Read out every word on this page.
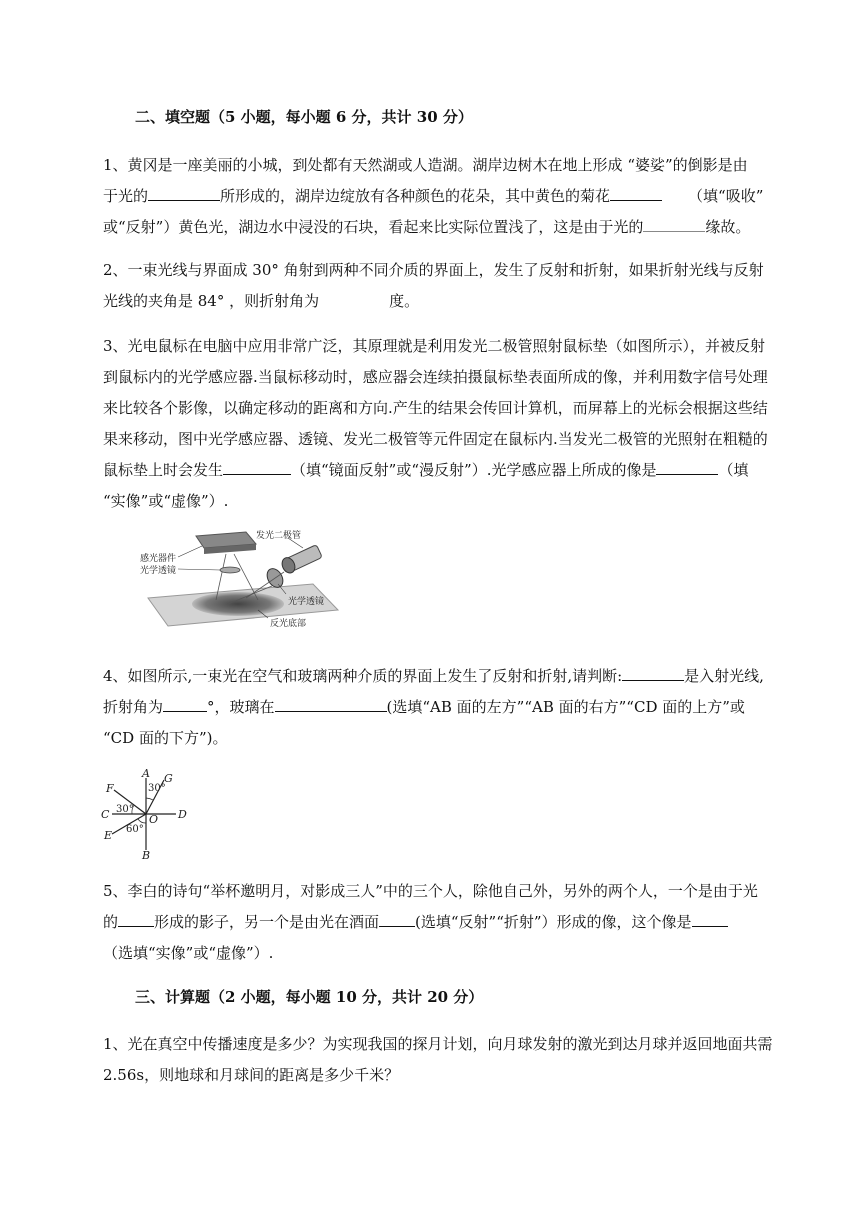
二、填空题（5 小题，每小题 6 分，共计 30 分）
1、黄冈是一座美丽的小城，到处都有天然湖或人造湖。湖岸边树木在地上形成 “婆娑”的倒影是由
于光的	所形成的，湖岸边绽放有各种颜色的花朵，其中黄色的菊花	（填“吸收”
或“反射”）黄色光，湖边水中浸没的石块，看起来比实际位置浅了，这是由于光的	缘故。
2、一束光线与界面成 30° 角射到两种不同介质的界面上，发生了反射和折射，如果折射光线与反射
光线的夹角是 84° ，则折射角为	度。
3、光电鼠标在电脑中应用非常广泛，其原理就是利用发光二极管照射鼠标垫（如图所示），并被反射
到鼠标内的光学感应器.当鼠标移动时，感应器会连续拍摄鼠标垫表面所成的像，并利用数字信号处理
来比较各个影像，以确定移动的距离和方向.产生的结果会传回计算机，而屏幕上的光标会根据这些结
果来移动，图中光学感应器、透镜、发光二极管等元件固定在鼠标内.当发光二极管的光照射在粗糙的
鼠标垫上时会发生	（填“镜面反射”或“漫反射”）.光学感应器上所成的像是	（填
“实像”或“虚像”）.
发光二极管
感光器件
光学透镜
光学透镜
反光底部
4、如图所示,一束光在空气和玻璃两种介质的界面上发生了反射和折射,请判断:	是入射光线,
折射角为	°，玻璃在	(选填“AB 面的左方”“AB 面的右方”“CD 面的上方”或
“CD 面的下方”)。
A
B
C	D
E
F
G
O
30°
30°
60°
5、李白的诗句“举杯邀明月，对影成三人”中的三个人，除他自己外，另外的两个人，一个是由于光
的 形成的影子，另一个是由光在酒面 (选填“反射”“折射”）形成的像，这个像是
（选填“实像”或“虚像”）.
三、计算题（2 小题，每小题 10 分，共计 20 分）
1、光在真空中传播速度是多少？为实现我国的探月计划，向月球发射的激光到达月球并返回地面共需
2.56s，则地球和月球间的距离是多少千米？
